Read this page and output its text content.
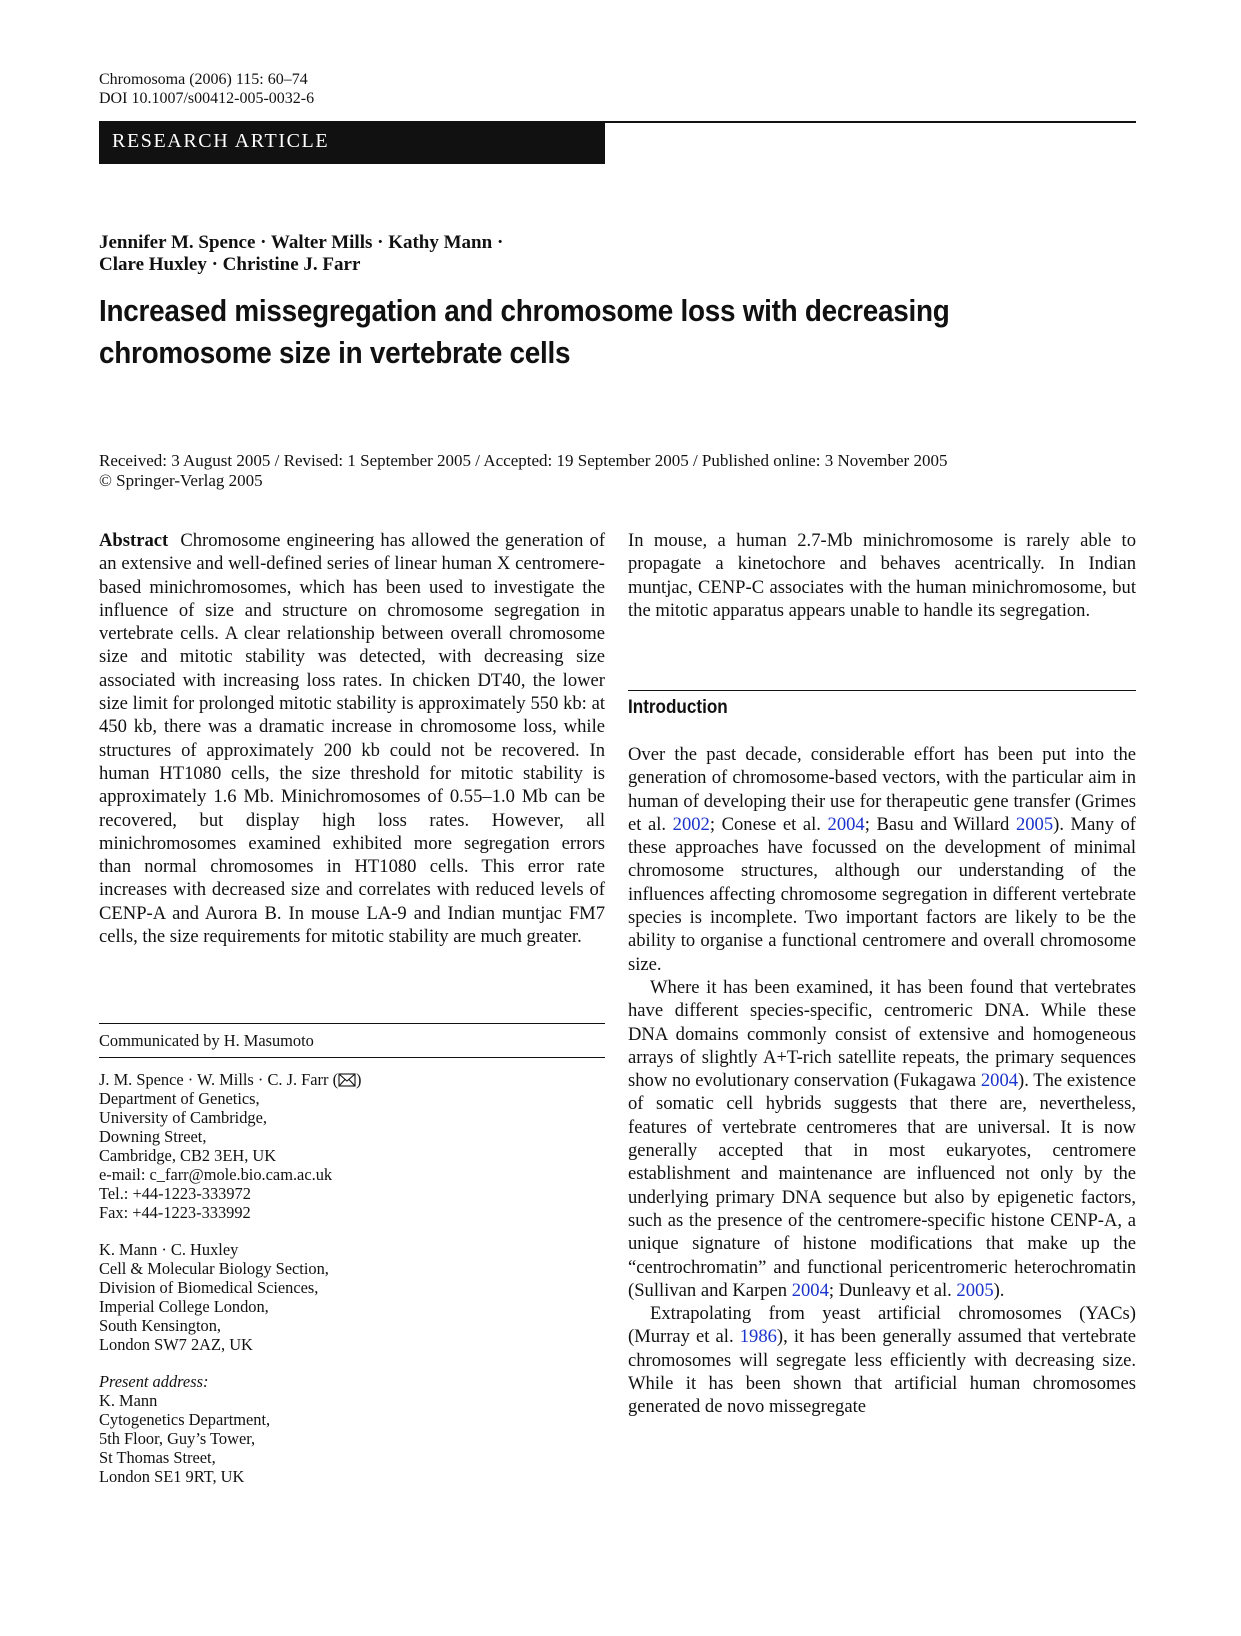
Chromosoma (2006) 115: 60–74
DOI 10.1007/s00412-005-0032-6
RESEARCH ARTICLE
Jennifer M. Spence · Walter Mills · Kathy Mann ·
Clare Huxley · Christine J. Farr
Increased missegregation and chromosome loss with decreasing
chromosome size in vertebrate cells
Received: 3 August 2005 / Revised: 1 September 2005 / Accepted: 19 September 2005 / Published online: 3 November 2005
© Springer-Verlag 2005

Abstract Chromosome engineering has allowed the generation of an extensive and well-defined series of linear human X centromere-based minichromosomes, which has been used to investigate the influence of size and structure on chromosome segregation in vertebrate cells. A clear relationship between overall chromosome size and mitotic stability was detected, with decreasing size associated with increasing loss rates. In chicken DT40, the lower size limit for prolonged mitotic stability is approximately 550 kb: at 450 kb, there was a dramatic increase in chromosome loss, while structures of approximately 200 kb could not be recovered. In human HT1080 cells, the size threshold for mitotic stability is approximately 1.6 Mb. Minichromosomes of 0.55–1.0 Mb can be recovered, but display high loss rates. However, all minichromosomes examined exhibited more segregation errors than normal chromosomes in HT1080 cells. This error rate increases with decreased size and correlates with reduced levels of CENP-A and Aurora B. In mouse LA-9 and Indian muntjac FM7 cells, the size requirements for mitotic stability are much greater.

Communicated by H. Masumoto

J. M. Spence · W. Mills · C. J. Farr ( )

Department of Genetics,

University of Cambridge,

Downing Street,

Cambridge, CB2 3EH, UK

e-mail: c_farr@mole.bio.cam.ac.uk

Tel.: +44-1223-333972

Fax: +44-1223-333992

K. Mann · C. Huxley

Cell & Molecular Biology Section,

Division of Biomedical Sciences,

Imperial College London,

South Kensington,

London SW7 2AZ, UK

Present address:

K. Mann

Cytogenetics Department,

5th Floor, Guy’s Tower,

St Thomas Street,

London SE1 9RT, UK

In mouse, a human 2.7-Mb minichromosome is rarely able to propagate a kinetochore and behaves acentrically. In Indian muntjac, CENP-C associates with the human minichromosome, but the mitotic apparatus appears unable to handle its segregation.

Introduction

Over the past decade, considerable effort has been put into the generation of chromosome-based vectors, with the particular aim in human of developing their use for therapeutic gene transfer (Grimes et al. 2002; Conese et al. 2004; Basu and Willard 2005). Many of these approaches have focussed on the development of minimal chromosome structures, although our understanding of the influences affecting chromosome segregation in different vertebrate species is incomplete. Two important factors are likely to be the ability to organise a functional centromere and overall chromosome size.

Where it has been examined, it has been found that vertebrates have different species-specific, centromeric DNA. While these DNA domains commonly consist of extensive and homogeneous arrays of slightly A+T-rich satellite repeats, the primary sequences show no evolutionary conservation (Fukagawa 2004). The existence of somatic cell hybrids suggests that there are, nevertheless, features of vertebrate centromeres that are universal. It is now generally accepted that in most eukaryotes, centromere establishment and maintenance are influenced not only by the underlying primary DNA sequence but also by epigenetic factors, such as the presence of the centromere-specific histone CENP-A, a unique signature of histone modifications that make up the “centrochromatin” and functional pericentromeric heterochromatin (Sullivan and Karpen 2004; Dunleavy et al. 2005).

Extrapolating from yeast artificial chromosomes (YACs) (Murray et al. 1986), it has been generally assumed that vertebrate chromosomes will segregate less efficiently with decreasing size. While it has been shown that artificial human chromosomes generated de novo missegregate
